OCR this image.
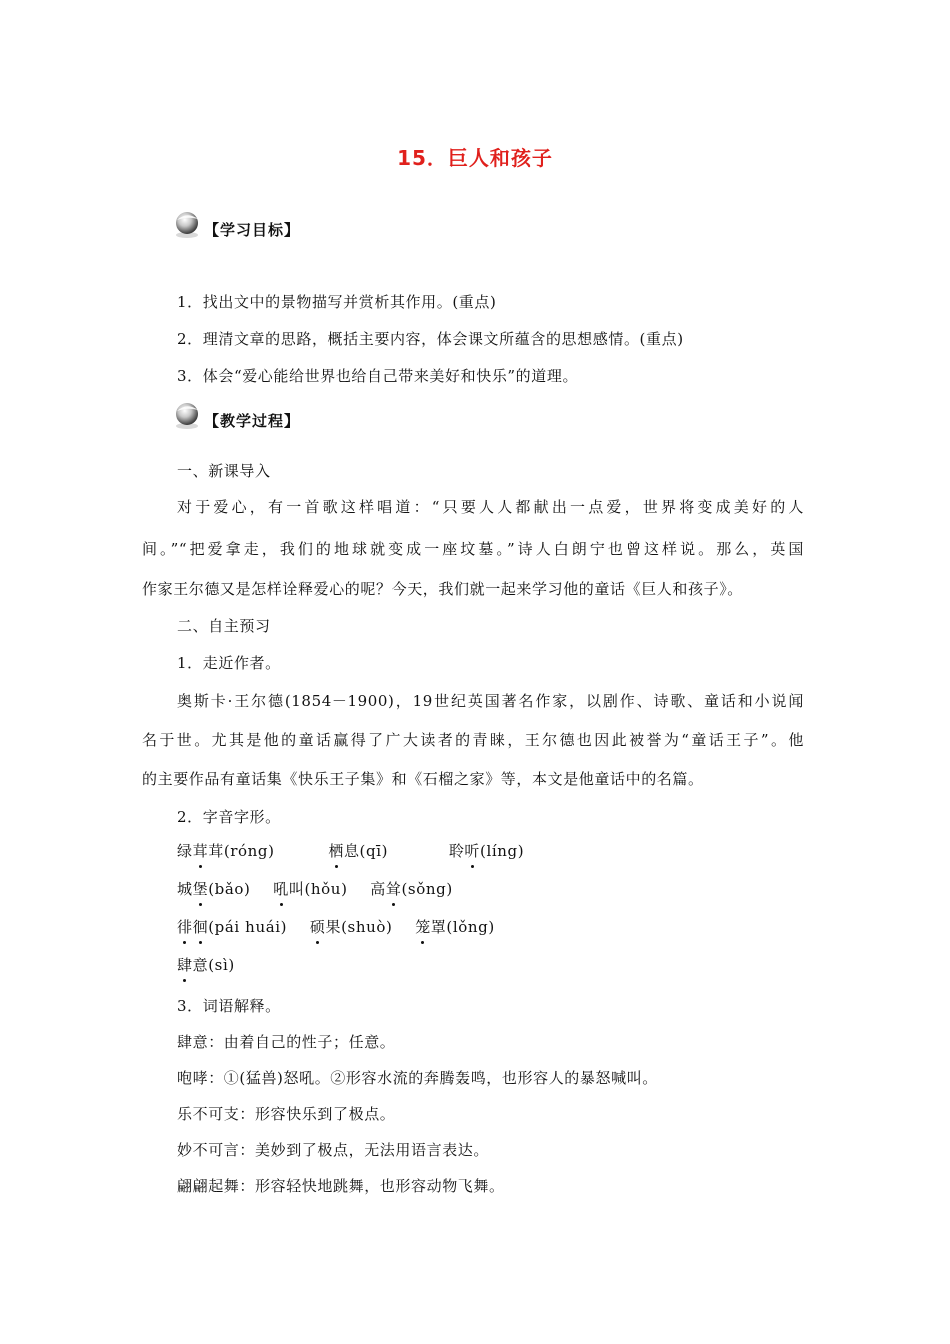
15．巨人和孩子
【学习目标】
1．找出文中的景物描写并赏析其作用。(重点)
2．理清文章的思路，概括主要内容，体会课文所蕴含的思想感情。(重点)
3．体会“爱心能给世界也给自己带来美好和快乐”的道理。
【教学过程】
一、新课导入
对于爱心，有一首歌这样唱道：“只要人人都献出一点爱，世界将变成美好的人
间。”“把爱拿走，我们的地球就变成一座坟墓。”诗人白朗宁也曾这样说。那么，英国
作家王尔德又是怎样诠释爱心的呢？今天，我们就一起来学习他的童话《巨人和孩子》。
二、自主预习
1．走近作者。
奥斯卡·王尔德(1854－1900)，19世纪英国著名作家，以剧作、诗歌、童话和小说闻
名于世。尤其是他的童话赢得了广大读者的青睐，王尔德也因此被誉为“童话王子”。他
的主要作品有童话集《快乐王子集》和《石榴之家》等，本文是他童话中的名篇。
2．字音字形。
绿茸茸(róng)	栖息(qī)	聆听(líng)
城堡(bǎo) 吼叫(hǒu) 高耸(sǒng)
徘徊(pái huái) 硕果(shuò) 笼罩(lǒng)
肆意(sì)
3．词语解释。
肆意：由着自己的性子；任意。
咆哮：①(猛兽)怒吼。②形容水流的奔腾轰鸣，也形容人的暴怒喊叫。
乐不可支：形容快乐到了极点。
妙不可言：美妙到了极点，无法用语言表达。
翩翩起舞：形容轻快地跳舞，也形容动物飞舞。
